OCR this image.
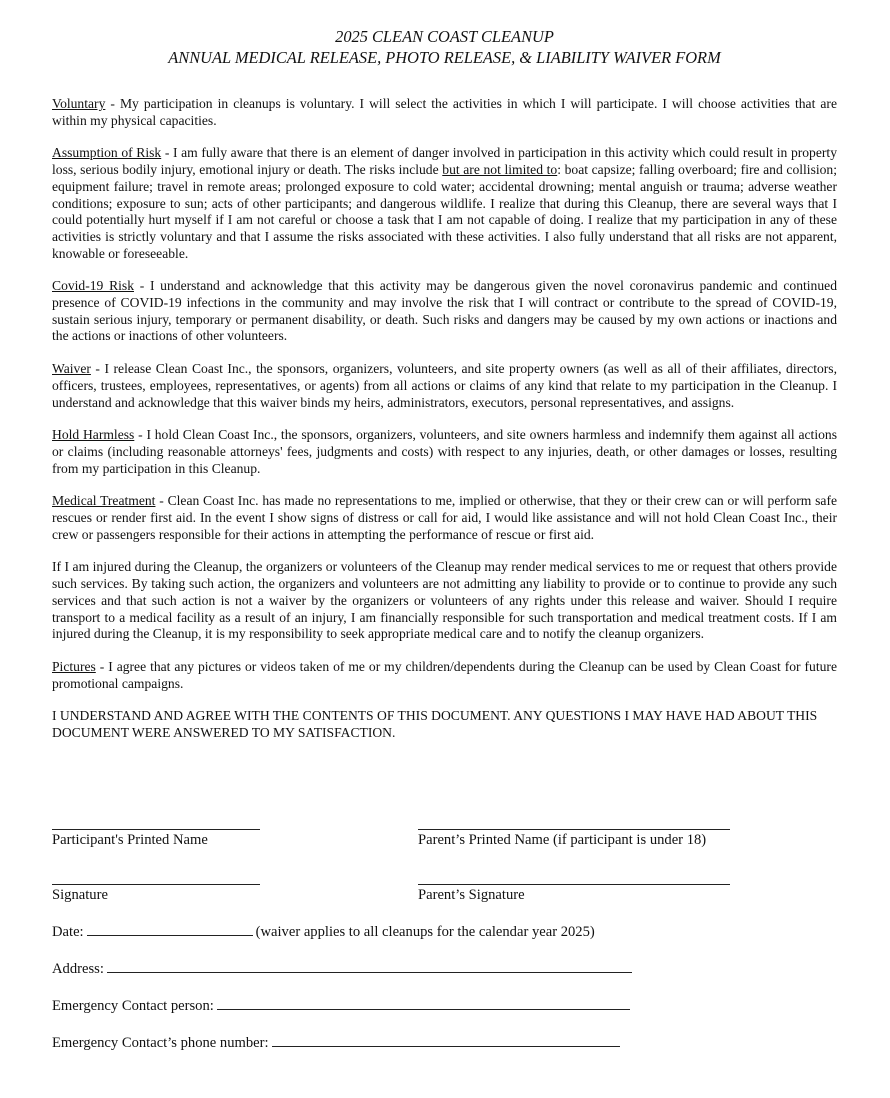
2025 CLEAN COAST CLEANUP
ANNUAL MEDICAL RELEASE, PHOTO RELEASE, & LIABILITY WAIVER FORM

Voluntary - My participation in cleanups is voluntary. I will select the activities in which I will participate. I will choose activities that are within my physical capacities.

Assumption of Risk - I am fully aware that there is an element of danger involved in participation in this activity which could result in property loss, serious bodily injury, emotional injury or death. The risks include but are not limited to: boat capsize; falling overboard; fire and collision; equipment failure; travel in remote areas; prolonged exposure to cold water; accidental drowning; mental anguish or trauma; adverse weather conditions; exposure to sun; acts of other participants; and dangerous wildlife. I realize that during this Cleanup, there are several ways that I could potentially hurt myself if I am not careful or choose a task that I am not capable of doing. I realize that my participation in any of these activities is strictly voluntary and that I assume the risks associated with these activities. I also fully understand that all risks are not apparent, knowable or foreseeable.

Covid-19 Risk - I understand and acknowledge that this activity may be dangerous given the novel coronavirus pandemic and continued presence of COVID-19 infections in the community and may involve the risk that I will contract or contribute to the spread of COVID-19, sustain serious injury, temporary or permanent disability, or death. Such risks and dangers may be caused by my own actions or inactions and the actions or inactions of other volunteers.

Waiver - I release Clean Coast Inc., the sponsors, organizers, volunteers, and site property owners (as well as all of their affiliates, directors, officers, trustees, employees, representatives, or agents) from all actions or claims of any kind that relate to my participation in the Cleanup. I understand and acknowledge that this waiver binds my heirs, administrators, executors, personal representatives, and assigns.

Hold Harmless - I hold Clean Coast Inc., the sponsors, organizers, volunteers, and site owners harmless and indemnify them against all actions or claims (including reasonable attorneys' fees, judgments and costs) with respect to any injuries, death, or other damages or losses, resulting from my participation in this Cleanup.

Medical Treatment - Clean Coast Inc. has made no representations to me, implied or otherwise, that they or their crew can or will perform safe rescues or render first aid. In the event I show signs of distress or call for aid, I would like assistance and will not hold Clean Coast Inc., their crew or passengers responsible for their actions in attempting the performance of rescue or first aid.

If I am injured during the Cleanup, the organizers or volunteers of the Cleanup may render medical services to me or request that others provide such services. By taking such action, the organizers and volunteers are not admitting any liability to provide or to continue to provide any such services and that such action is not a waiver by the organizers or volunteers of any rights under this release and waiver. Should I require transport to a medical facility as a result of an injury, I am financially responsible for such transportation and medical treatment costs. If I am injured during the Cleanup, it is my responsibility to seek appropriate medical care and to notify the cleanup organizers.

Pictures - I agree that any pictures or videos taken of me or my children/dependents during the Cleanup can be used by Clean Coast for future promotional campaigns.

I UNDERSTAND AND AGREE WITH THE CONTENTS OF THIS DOCUMENT. ANY QUESTIONS I MAY HAVE HAD ABOUT THIS DOCUMENT WERE ANSWERED TO MY SATISFACTION.

Participant's Printed Name	Parent’s Printed Name (if participant is under 18)
Signature	Parent’s Signature
Date:	(waiver applies to all cleanups for the calendar year 2025)
Address:
Emergency Contact person:
Emergency Contact’s phone number:
